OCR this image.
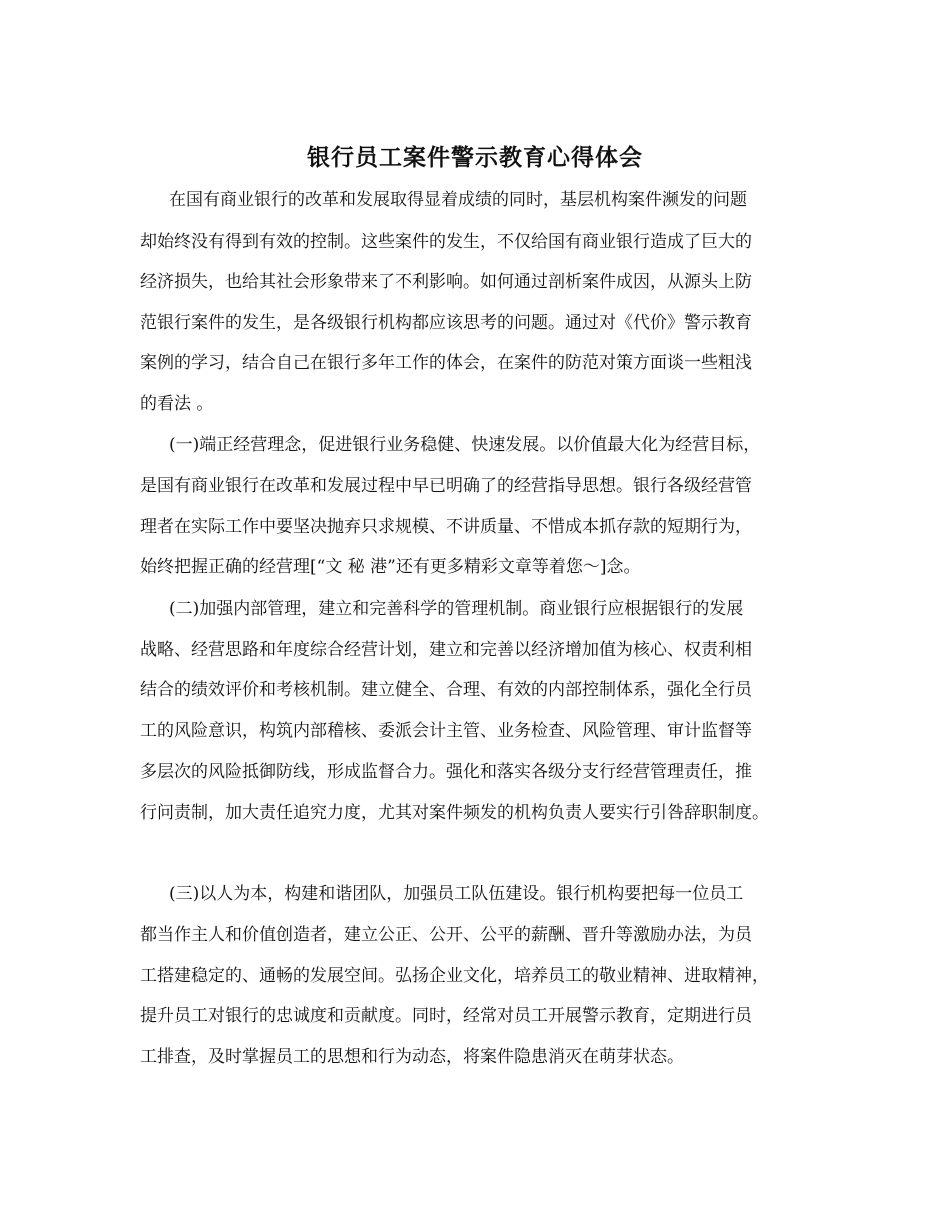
银行员工案件警示教育心得体会
在国有商业银行的改革和发展取得显着成绩的同时，基层机构案件濒发的问题
却始终没有得到有效的控制。这些案件的发生，不仅给国有商业银行造成了巨大的
经济损失，也给其社会形象带来了不利影响。如何通过剖析案件成因，从源头上防
范银行案件的发生，是各级银行机构都应该思考的问题。通过对《代价》警示教育
案例的学习，结合自己在银行多年工作的体会，在案件的防范对策方面谈一些粗浅
的看法 。
(一)端正经营理念，促进银行业务稳健、快速发展。以价值最大化为经营目标，
是国有商业银行在改革和发展过程中早已明确了的经营指导思想。银行各级经营管
理者在实际工作中要坚决抛弃只求规模、不讲质量、不惜成本抓存款的短期行为，
始终把握正确的经营理[“文 秘 港”还有更多精彩文章等着您～]念。
(二)加强内部管理，建立和完善科学的管理机制。商业银行应根据银行的发展
战略、经营思路和年度综合经营计划，建立和完善以经济增加值为核心、权责利相
结合的绩效评价和考核机制。建立健全、合理、有效的内部控制体系，强化全行员
工的风险意识，构筑内部稽核、委派会计主管、业务检查、风险管理、审计监督等
多层次的风险抵御防线，形成监督合力。强化和落实各级分支行经营管理责任，推
行问责制，加大责任追究力度，尤其对案件频发的机构负责人要实行引咎辞职制度。
(三)以人为本，构建和谐团队，加强员工队伍建设。银行机构要把每一位员工
都当作主人和价值创造者，建立公正、公开、公平的薪酬、晋升等激励办法，为员
工搭建稳定的、通畅的发展空间。弘扬企业文化，培养员工的敬业精神、进取精神，
提升员工对银行的忠诚度和贡献度。同时，经常对员工开展警示教育，定期进行员
工排查，及时掌握员工的思想和行为动态，将案件隐患消灭在萌芽状态。
